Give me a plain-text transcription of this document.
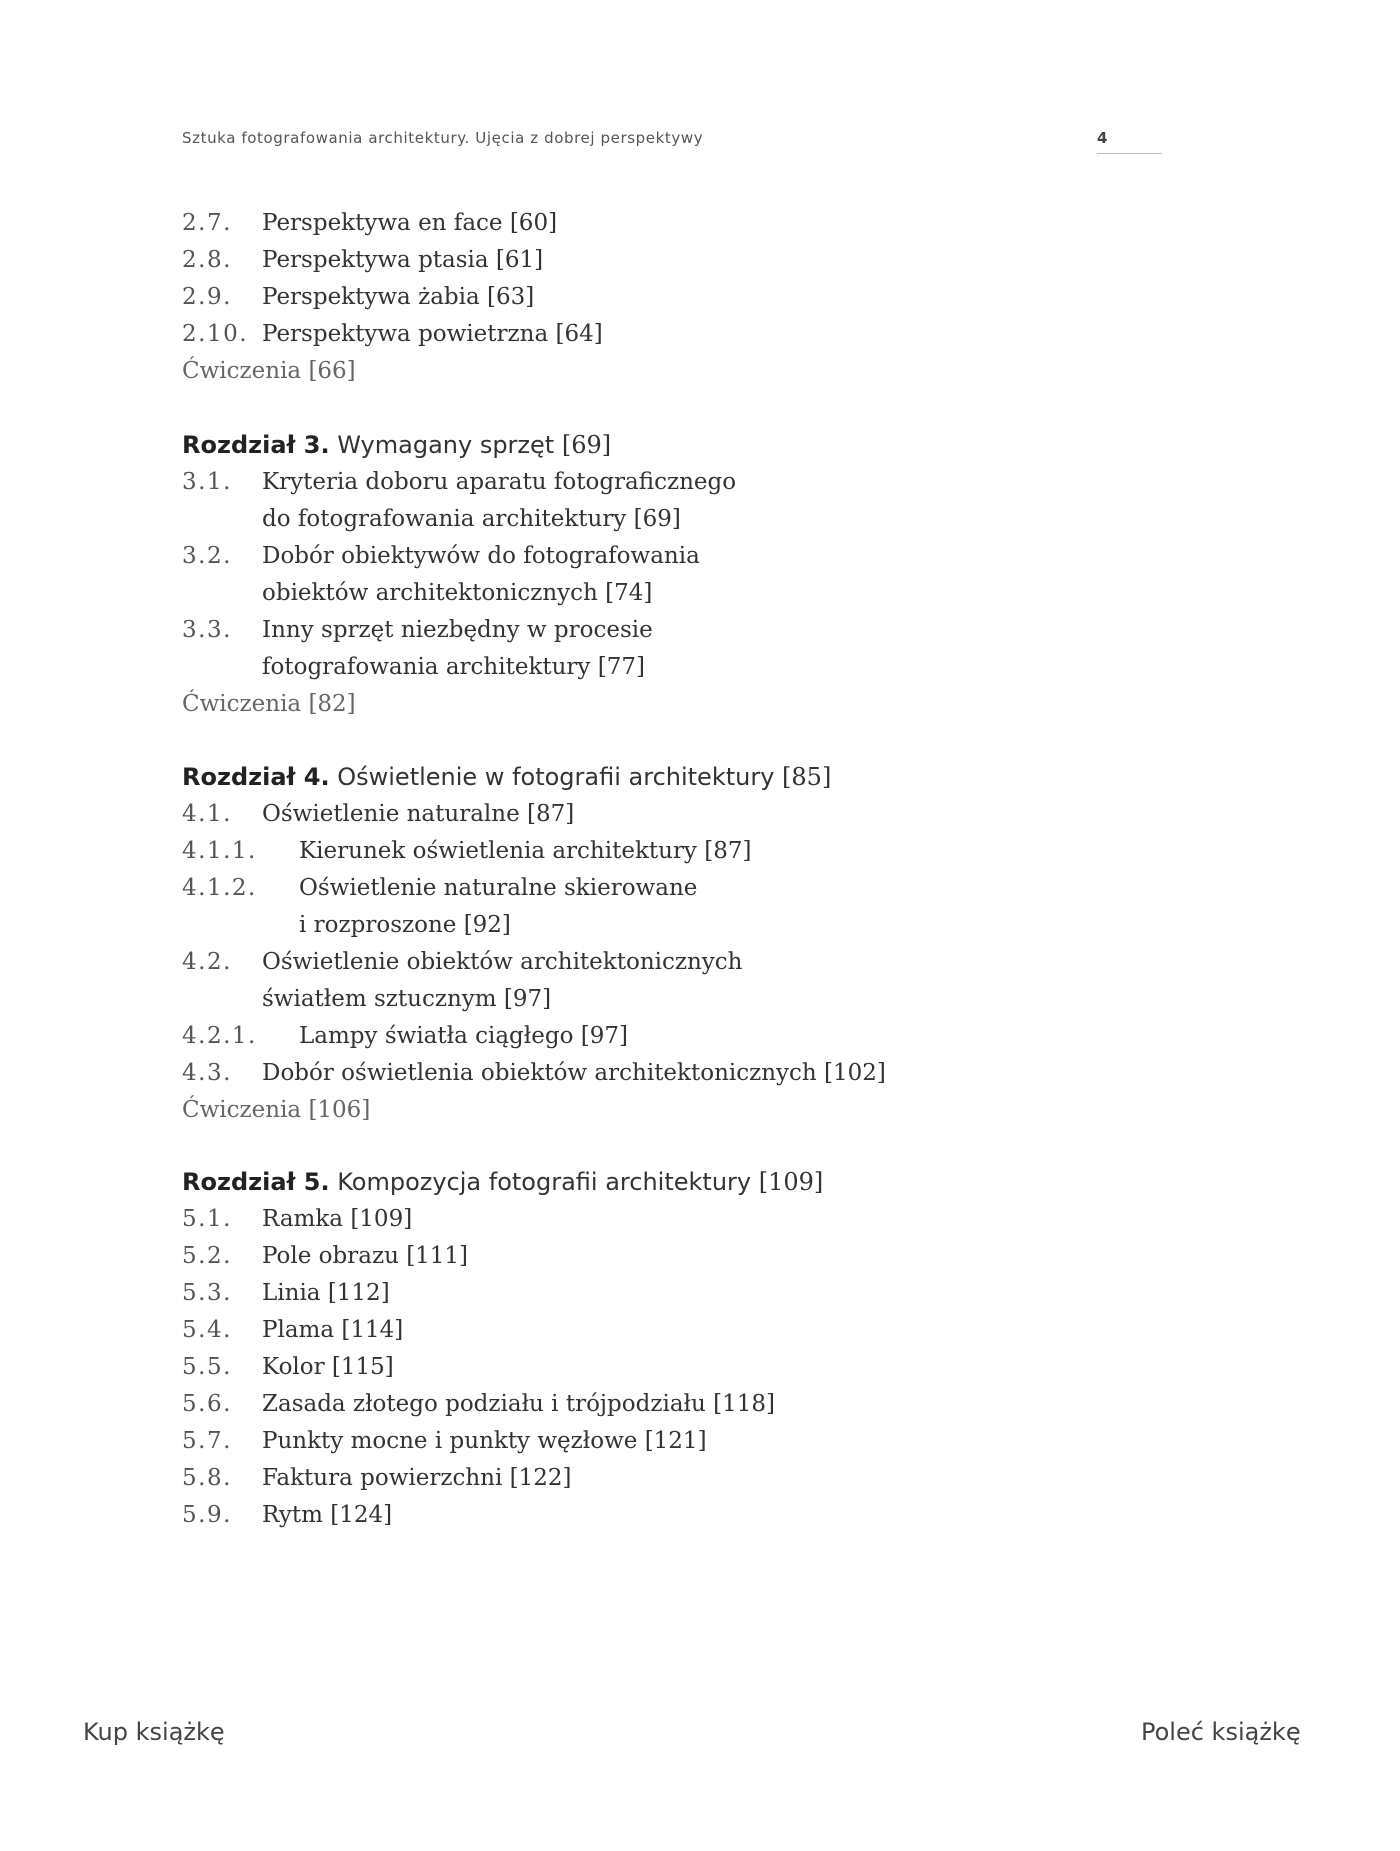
Sztuka fotografowania architektury. Ujęcia z dobrej perspektywy	4
2.7. Perspektywa en face [60]
2.8. Perspektywa ptasia [61]
2.9. Perspektywa żabia [63]
2.10. Perspektywa powietrzna [64]
Ćwiczenia [66]
Rozdział 3. Wymagany sprzęt [69]
3.1. Kryteria doboru aparatu fotograficznego
do fotografowania architektury [69]
3.2. Dobór obiektywów do fotografowania
obiektów architektonicznych [74]
3.3. Inny sprzęt niezbędny w procesie
fotografowania architektury [77]
Ćwiczenia [82]
Rozdział 4. Oświetlenie w fotografii architektury [85]
4.1. Oświetlenie naturalne [87]
4.1.1. Kierunek oświetlenia architektury [87]
4.1.2. Oświetlenie naturalne skierowane
i rozproszone [92]
4.2. Oświetlenie obiektów architektonicznych
światłem sztucznym [97]
4.2.1. Lampy światła ciągłego [97]
4.3. Dobór oświetlenia obiektów architektonicznych [102]
Ćwiczenia [106]
Rozdział 5. Kompozycja fotografii architektury [109]
5.1. Ramka [109]
5.2. Pole obrazu [111]
5.3. Linia [112]
5.4. Plama [114]
5.5. Kolor [115]
5.6. Zasada złotego podziału i trójpodziału [118]
5.7. Punkty mocne i punkty węzłowe [121]
5.8. Faktura powierzchni [122]
5.9. Rytm [124]
Kup książkę	Poleć książkę
